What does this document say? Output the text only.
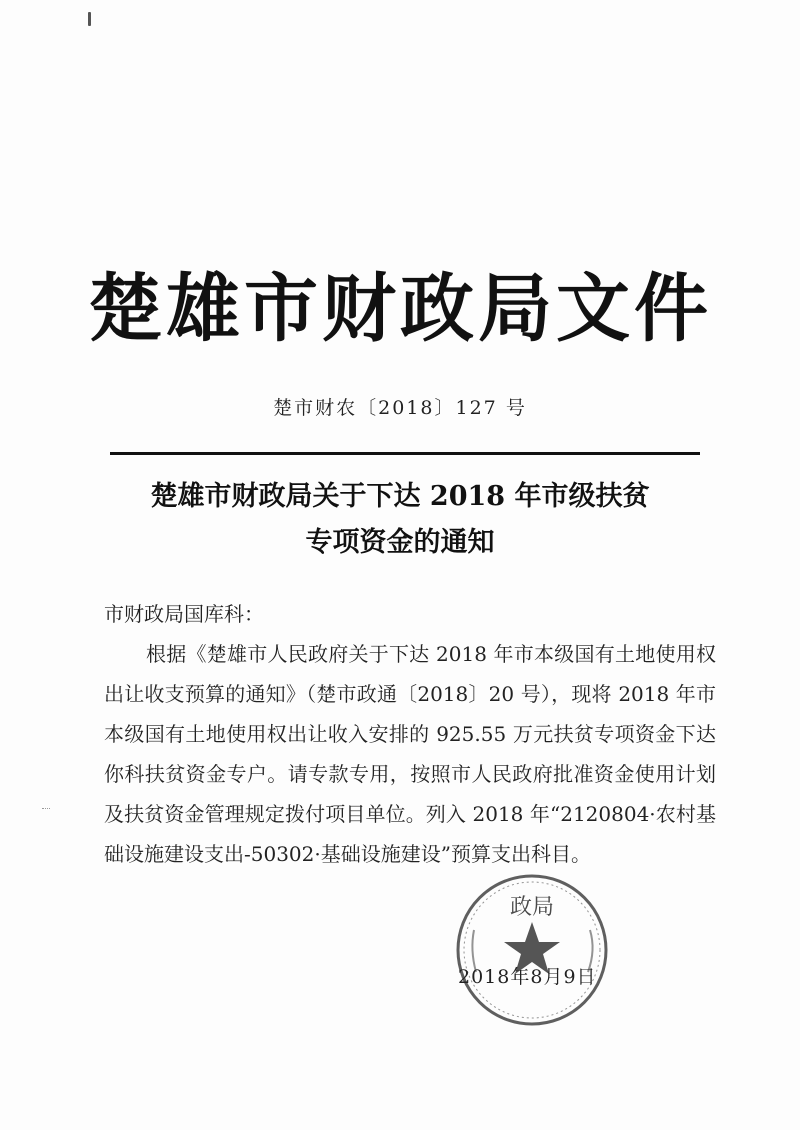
楚雄市财政局文件
楚市财农〔2018〕127 号
楚雄市财政局关于下达 2018 年市级扶贫
专项资金的通知
市财政局国库科：
根据《楚雄市人民政府关于下达 2018 年市本级国有土地使用权出让收支预算的通知》（楚市政通〔2018〕20 号），现将 2018 年市本级国有土地使用权出让收入安排的 925.55 万元扶贫专项资金下达你科扶贫资金专户。请专款专用，按照市人民政府批准资金使用计划及扶贫资金管理规定拨付项目单位。列入 2018 年“2120804·农村基础设施建设支出-50302·基础设施建设”预算支出科目。
政局
2018年8月9日
